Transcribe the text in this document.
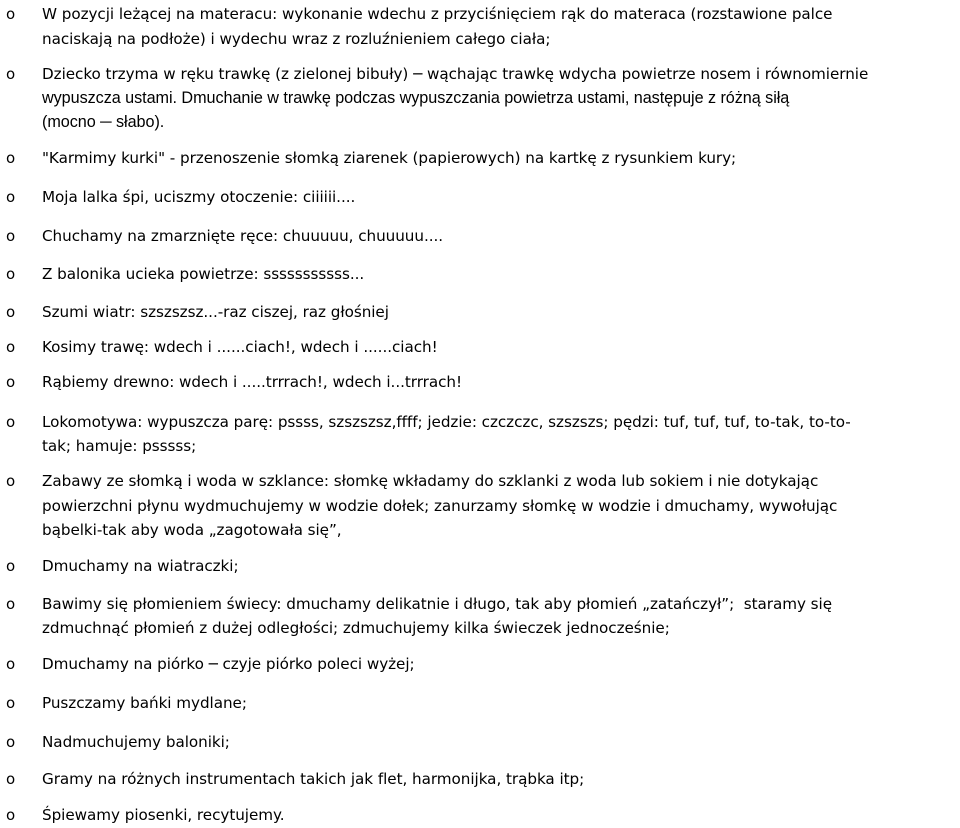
o W pozycji leżącej na materacu: wykonanie wdechu z przyciśnięciem rąk do materaca (rozstawione palce
naciskają na podłoże) i wydechu wraz z rozluźnieniem całego ciała;
o Dziecko trzyma w ręku trawkę (z zielonej bibuły) ─ wąchając trawkę wdycha powietrze nosem i równomiernie
wypuszcza ustami. Dmuchanie w trawkę podczas wypuszczania powietrza ustami, następuje z różną siłą
(mocno ─ słabo).
o "Karmimy kurki" - przenoszenie słomką ziarenek (papierowych) na kartkę z rysunkiem kury;
o Moja lalka śpi, uciszmy otoczenie: ciiiiii....
o Chuchamy na zmarznięte ręce: chuuuuu, chuuuuu....
o Z balonika ucieka powietrze: sssssssssss...
o Szumi wiatr: szszszsz...-raz ciszej, raz głośniej
o Kosimy trawę: wdech i ......ciach!, wdech i ......ciach!
o Rąbiemy drewno: wdech i .....trrrach!, wdech i...trrrach!
o Lokomotywa: wypuszcza parę: pssss, szszszsz,ffff; jedzie: czczczc, szszszs; pędzi: tuf, tuf, tuf, to-tak, to-to-
tak; hamuje: psssss;
o Zabawy ze słomką i woda w szklance: słomkę wkładamy do szklanki z woda lub sokiem i nie dotykając
powierzchni płynu wydmuchujemy w wodzie dołek; zanurzamy słomkę w wodzie i dmuchamy, wywołując
bąbelki-tak aby woda „zagotowała się”,
o Dmuchamy na wiatraczki;
o Bawimy się płomieniem świecy: dmuchamy delikatnie i długo, tak aby płomień „zatańczył”;  staramy się
zdmuchnąć płomień z dużej odległości; zdmuchujemy kilka świeczek jednocześnie;
o Dmuchamy na piórko ─ czyje piórko poleci wyżej;
o Puszczamy bańki mydlane;
o Nadmuchujemy baloniki;
o Gramy na różnych instrumentach takich jak flet, harmonijka, trąbka itp;
o Śpiewamy piosenki, recytujemy.
